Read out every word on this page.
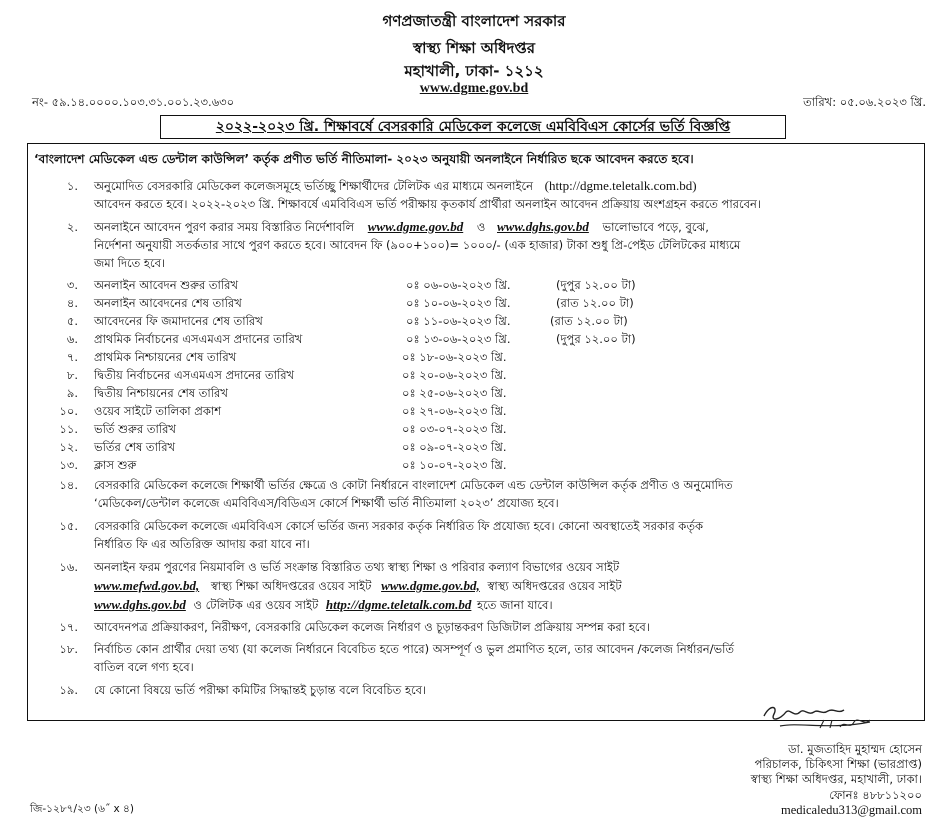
গণপ্রজাতন্ত্রী বাংলাদেশ সরকার
স্বাস্থ্য শিক্ষা অধিদপ্তর
মহাখালী, ঢাকা- ১২১২
www.dgme.gov.bd
নং- ৫৯.১৪.০০০০.১০৩.৩১.০০১.২৩.৬৩০	তারিখ: ০৫.০৬.২০২৩ খ্রি.
২০২২-২০২৩ খ্রি. শিক্ষাবর্ষে বেসরকারি মেডিকেল কলেজে এমবিবিএস কোর্সের ভর্তি বিজ্ঞপ্তি
‘বাংলাদেশ মেডিকেল এন্ড ডেন্টাল কাউন্সিল’ কর্তৃক প্রণীত ভর্তি নীতিমালা- ২০২৩ অনুযায়ী অনলাইনে নির্ধারিত ছকে আবেদন করতে হবে।
১. অনুমোদিত বেসরকারি মেডিকেল কলেজসমূহে ভর্তিচ্ছু শিক্ষার্থীদের টেলিটক এর মাধ্যমে অনলাইনে (http://dgme.teletalk.com.bd)
আবেদন করতে হবে। ২০২২-২০২৩ খ্রি. শিক্ষাবর্ষে এমবিবিএস ভর্তি পরীক্ষায় কৃতকার্য প্রার্থীরা অনলাইন আবেদন প্রক্রিয়ায় অংশগ্রহন করতে পারবেন।
২. অনলাইনে আবেদন পুরণ করার সময় বিস্তারিত নির্দেশাবলি www.dgme.gov.bd ও www.dghs.gov.bd ভালোভাবে পড়ে, বুঝে,
নির্দেশনা অনুযায়ী সতর্কতার সাথে পুরণ করতে হবে। আবেদন ফি (৯০০+১০০)= ১০০০/- (এক হাজার) টাকা শুধু প্রি-পেইড টেলিটকের মাধ্যমে
জমা দিতে হবে।
৩. অনলাইন আবেদন শুরুর তারিখ	০ঃ ০৬-০৬-২০২৩ খ্রি.	(দুপুর ১২.০০ টা)
৪. অনলাইন আবেদনের শেষ তারিখ	০ঃ ১০-০৬-২০২৩ খ্রি.	(রাত ১২.০০ টা)
৫. আবেদনের ফি জমাদানের শেষ তারিখ	০ঃ ১১-০৬-২০২৩ খ্রি.	(রাত ১২.০০ টা)
৬. প্রাথমিক নির্বাচনের এসএমএস প্রদানের তারিখ	০ঃ ১৩-০৬-২০২৩ খ্রি.	(দুপুর ১২.০০ টা)
৭. প্রাথমিক নিশ্চায়নের শেষ তারিখ	০ঃ ১৮-০৬-২০২৩ খ্রি.
৮. দ্বিতীয় নির্বাচনের এসএমএস প্রদানের তারিখ	০ঃ ২০-০৬-২০২৩ খ্রি.
৯. দ্বিতীয় নিশ্চায়নের শেষ তারিখ	০ঃ ২৫-০৬-২০২৩ খ্রি.
১০. ওয়েব সাইটে তালিকা প্রকাশ	০ঃ ২৭-০৬-২০২৩ খ্রি.
১১. ভর্তি শুরুর তারিখ	০ঃ ০৩-০৭-২০২৩ খ্রি.
১২. ভর্তির শেষ তারিখ	০ঃ ০৯-০৭-২০২৩ খ্রি.
১৩. ক্লাস শুরু	০ঃ ১০-০৭-২০২৩ খ্রি.
১৪. বেসরকারি মেডিকেল কলেজে শিক্ষার্থী ভর্তির ক্ষেত্রে ও কোটা নির্ধারনে বাংলাদেশ মেডিকেল এন্ড ডেন্টাল কাউন্সিল কর্তৃক প্রণীত ও অনুমোদিত
‘মেডিকেল/ডেন্টাল কলেজে এমবিবিএস/বিডিএস কোর্সে শিক্ষার্থী ভর্তি নীতিমালা ২০২৩’ প্রযোজ্য হবে।
১৫. বেসরকারি মেডিকেল কলেজে এমবিবিএস কোর্সে ভর্তির জন্য সরকার কর্তৃক নির্ধারিত ফি প্রযোজ্য হবে। কোনো অবস্থাতেই সরকার কর্তৃক
নির্ধারিত ফি এর অতিরিক্ত আদায় করা যাবে না।
১৬. অনলাইন ফরম পুরণের নিয়মাবলি ও ভর্তি সংক্রান্ত বিস্তারিত তথ্য স্বাস্থ্য শিক্ষা ও পরিবার কল্যাণ বিভাগের ওয়েব সাইট
www.mefwd.gov.bd, স্বাস্থ্য শিক্ষা অধিদপ্তরের ওয়েব সাইট www.dgme.gov.bd, স্বাস্থ্য অধিদপ্তরের ওয়েব সাইট
www.dghs.gov.bd ও টেলিটক এর ওয়েব সাইট http://dgme.teletalk.com.bd হতে জানা যাবে।
১৭. আবেদনপত্র প্রক্রিয়াকরণ, নিরীক্ষণ, বেসরকারি মেডিকেল কলেজ নির্ধারণ ও চূড়ান্তকরণ ডিজিটাল প্রক্রিয়ায় সম্পন্ন করা হবে।
১৮. নির্বাচিত কোন প্রার্থীর দেয়া তথ্য (যা কলেজ নির্ধারনে বিবেচিত হতে পারে) অসম্পূর্ণ ও ভুল প্রমাণিত হলে, তার আবেদন /কলেজ নির্ধারন/ভর্তি
বাতিল বলে গণ্য হবে।
১৯. যে কোনো বিষয়ে ভর্তি পরীক্ষা কমিটির সিদ্ধান্তই চুড়ান্ত বলে বিবেচিত হবে।
ডা. মুজতাহিদ মুহাম্মদ হোসেন
পরিচালক, চিকিৎসা শিক্ষা (ভারপ্রাপ্ত)
স্বাস্থ্য শিক্ষা অধিদপ্তর, মহাখালী, ঢাকা।
ফোনঃ ৪৮৮১১২০০
medicaledu313@gmail.com
জি-১২৮৭/২৩ (৬˝ x ৪)
